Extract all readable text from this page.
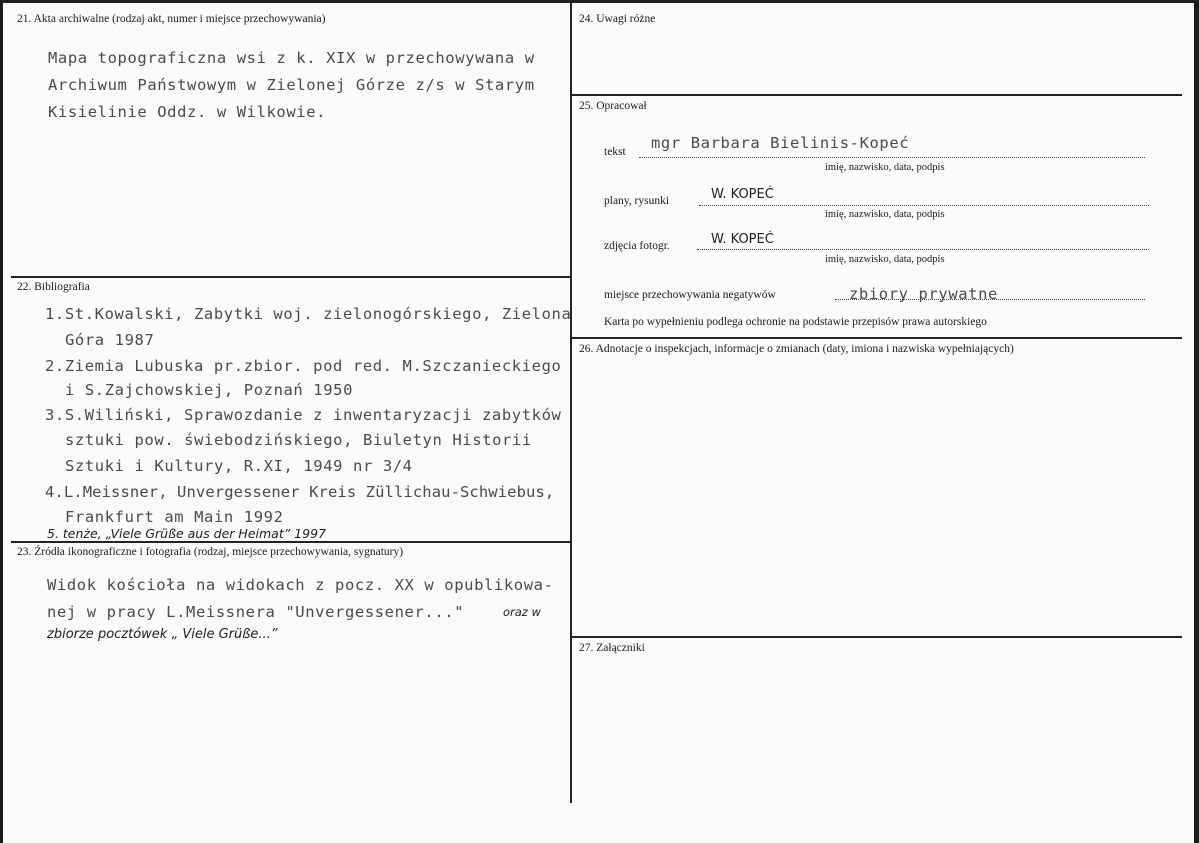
21. Akta archiwalne (rodzaj akt, numer i miejsce przechowywania)
Mapa topograficzna wsi z k. XIX w przechowywana w
Archiwum Państwowym w Zielonej Górze z/s w Starym
Kisielinie Oddz. w Wilkowie.
22. Bibliografia
1.St.Kowalski, Zabytki woj. zielonogórskiego, Zielona
Góra 1987
2.Ziemia Lubuska pr.zbior. pod red. M.Szczanieckiego
i S.Zajchowskiej, Poznań 1950
3.S.Wiliński, Sprawozdanie z inwentaryzacji zabytków
sztuki pow. świebodzińskiego, Biuletyn Historii
Sztuki i Kultury, R.XI, 1949 nr 3/4
4.L.Meissner, Unvergessener Kreis Züllichau-Schwiebus,
Frankfurt am Main 1992
5. tenże, „Viele Grüße aus der Heimat” 1997
23. Źródła ikonograficzne i fotografia (rodzaj, miejsce przechowywania, sygnatury)
Widok kościoła na widokach z pocz. XX w opublikowa-
nej w pracy L.Meissnera "Unvergessener..."	oraz w
zbiorze pocztówek „ Viele Grüße...”
24. Uwagi różne
25. Opracował
tekst mgr Barbara Bielinis-Kopeć
imię, nazwisko, data, podpis
plany, rysunki	W. KOPEĆ
imię, nazwisko, data, podpis
zdjęcia fotogr.	W. KOPEĆ
imię, nazwisko, data, podpis
miejsce przechowywania negatywów	zbiory prywatne
Karta po wypełnieniu podlega ochronie na podstawie przepisów prawa autorskiego
26. Adnotacje o inspekcjach, informacje o zmianach (daty, imiona i nazwiska wypełniających)
27. Załączniki
